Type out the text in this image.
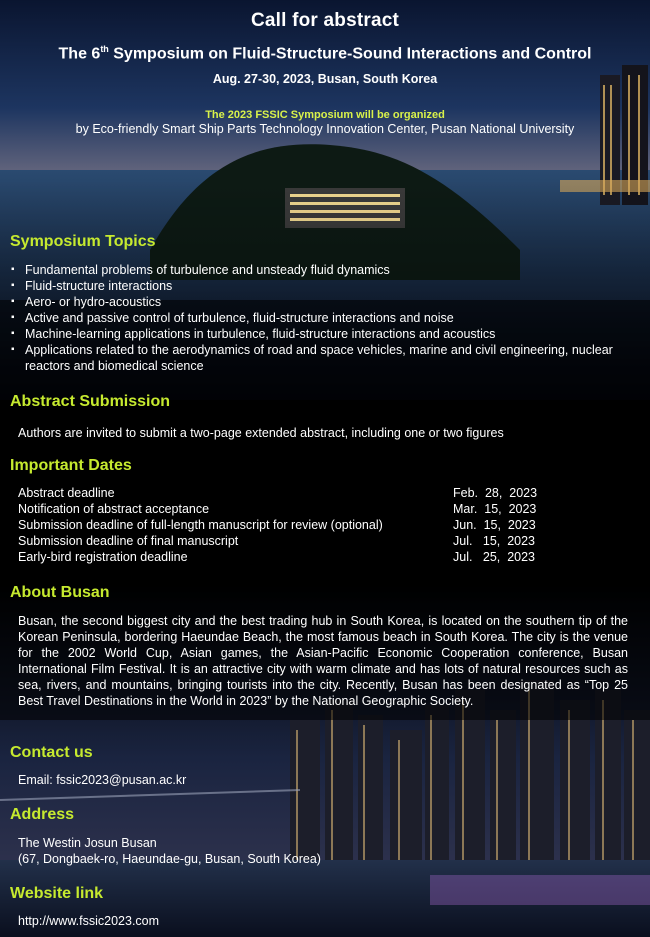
Call for abstract
The 6th Symposium on Fluid-Structure-Sound Interactions and Control
Aug. 27-30, 2023, Busan, South Korea
The 2023 FSSIC Symposium will be organized
by Eco-friendly Smart Ship Parts Technology Innovation Center, Pusan National University
Symposium Topics
▪ Fundamental problems of turbulence and unsteady fluid dynamics
▪ Fluid-structure interactions
▪ Aero- or hydro-acoustics
▪ Active and passive control of turbulence, fluid-structure interactions and noise
▪ Machine-learning applications in turbulence, fluid-structure interactions and acoustics
▪ Applications related to the aerodynamics of road and space vehicles, marine and civil engineering, nuclear reactors and biomedical science
Abstract Submission
Authors are invited to submit a two-page extended abstract, including one or two figures
Important Dates
Abstract deadline	Feb.  28,  2023
Notification of abstract acceptance	Mar.  15,  2023
Submission deadline of full-length manuscript for review (optional)	Jun.  15,  2023
Submission deadline of final manuscript	Jul.   15,  2023
Early-bird registration deadline	Jul.   25,  2023
About Busan
Busan, the second biggest city and the best trading hub in South Korea, is located on the southern tip of the Korean Peninsula, bordering Haeundae Beach, the most famous beach in South Korea. The city is the venue for the 2002 World Cup, Asian games, the Asian-Pacific Economic Cooperation conference, Busan International Film Festival. It is an attractive city with warm climate and has lots of natural resources such as sea, rivers, and mountains, bringing tourists into the city. Recently, Busan has been designated as “Top 25 Best Travel Destinations in the World in 2023” by the National Geographic Society.
Contact us
Email: fssic2023@pusan.ac.kr
Address
The Westin Josun Busan
(67, Dongbaek-ro, Haeundae-gu, Busan, South Korea)
Website link
http://www.fssic2023.com
